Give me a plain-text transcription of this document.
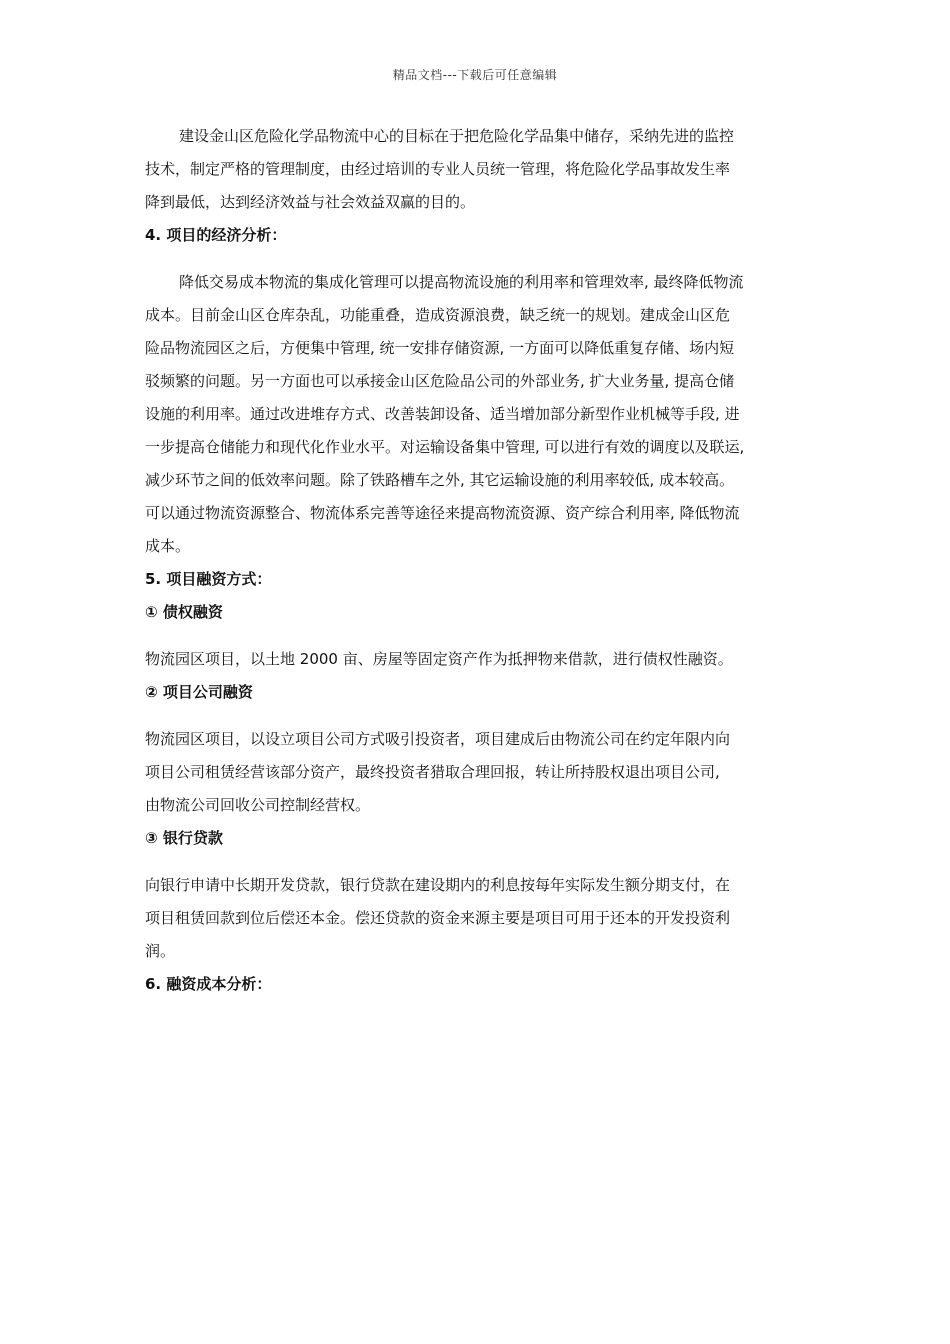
精品文档---下载后可任意编辑

建设金山区危险化学品物流中心的目标在于把危险化学品集中储存，采纳先进的监控
技术，制定严格的管理制度，由经过培训的专业人员统一管理，将危险化学品事故发生率
降到最低，达到经济效益与社会效益双赢的目的。

4. 项目的经济分析：

降低交易成本物流的集成化管理可以提高物流设施的利用率和管理效率, 最终降低物流
成本。目前金山区仓库杂乱，功能重叠，造成资源浪费，缺乏统一的规划。建成金山区危
险品物流园区之后，方便集中管理, 统一安排存储资源, 一方面可以降低重复存储、场内短
驳频繁的问题。另一方面也可以承接金山区危险品公司的外部业务, 扩大业务量, 提高仓储
设施的利用率。通过改进堆存方式、改善装卸设备、适当增加部分新型作业机械等手段, 进
一步提高仓储能力和现代化作业水平。对运输设备集中管理, 可以进行有效的调度以及联运,
减少环节之间的低效率问题。除了铁路槽车之外, 其它运输设施的利用率较低, 成本较高。
可以通过物流资源整合、物流体系完善等途径来提高物流资源、资产综合利用率, 降低物流
成本。

5. 项目融资方式：
① 债权融资

物流园区项目，以土地 2000 亩、房屋等固定资产作为抵押物来借款，进行债权性融资。

② 项目公司融资

物流园区项目，以设立项目公司方式吸引投资者，项目建成后由物流公司在约定年限内向
项目公司租赁经营该部分资产，最终投资者猎取合理回报，转让所持股权退出项目公司,
由物流公司回收公司控制经营权。

③ 银行贷款

向银行申请中长期开发贷款，银行贷款在建设期内的利息按每年实际发生额分期支付，在
项目租赁回款到位后偿还本金。偿还贷款的资金来源主要是项目可用于还本的开发投资利
润。

6. 融资成本分析：
